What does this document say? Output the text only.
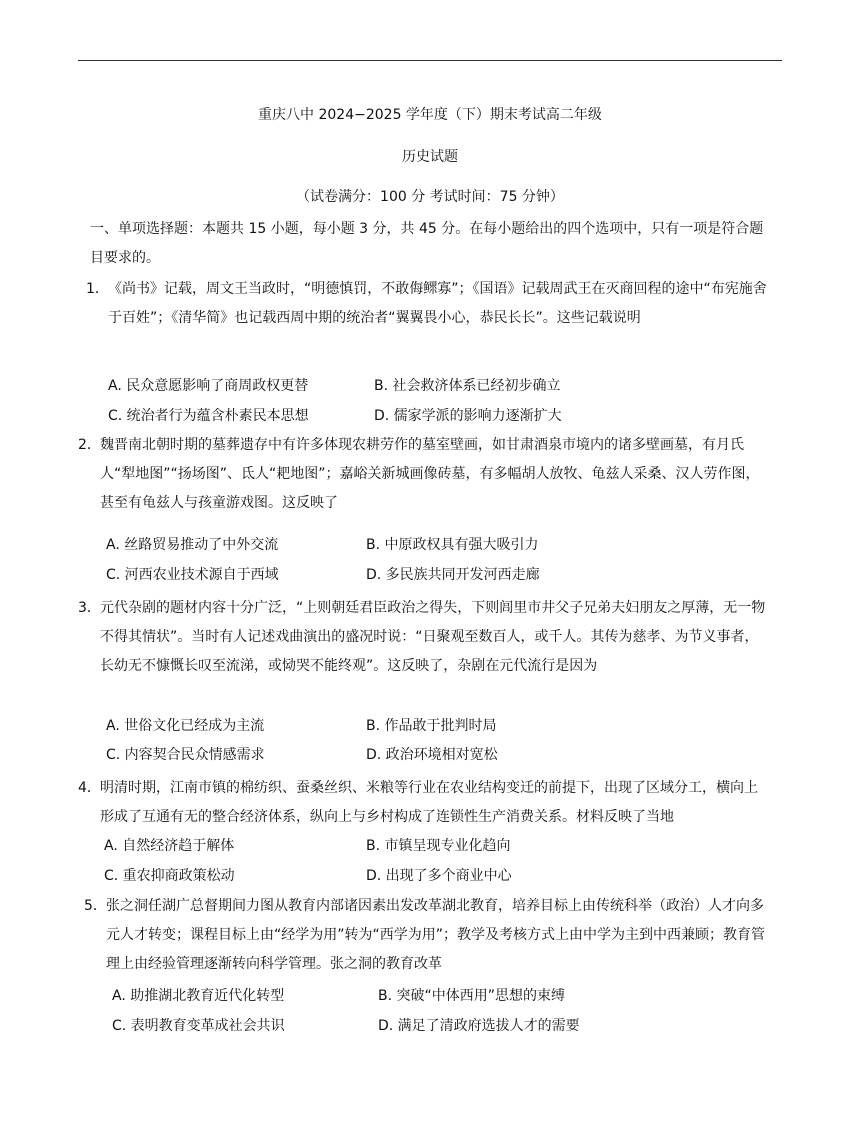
重庆八中 2024−2025 学年度（下）期末考试高二年级
历史试题
（试卷满分：100 分 考试时间：75 分钟）

一、单项选择题：本题共 15 小题，每小题 3 分，共 45 分。在每小题给出的四个选项中，只有一项是符合题目要求的。

1． 《尚书》记载，周文王当政时，“明德慎罚，不敢侮鳏寡”；《国语》记载周武王在灭商回程的途中“布宪施舍于百姓”；《清华简》也记载西周中期的统治者“翼翼畏小心，恭民长长”。这些记载说明
A. 民众意愿影响了商周政权更替	B. 社会救济体系已经初步确立
C. 统治者行为蕴含朴素民本思想	D. 儒家学派的影响力逐渐扩大
2． 魏晋南北朝时期的墓葬遗存中有许多体现农耕劳作的墓室壁画，如甘肃酒泉市境内的诸多壁画墓，有月氏人“犁地图”“扬场图”、氐人“耙地图”；嘉峪关新城画像砖墓，有多幅胡人放牧、龟兹人采桑、汉人劳作图，甚至有龟兹人与孩童游戏图。这反映了
A. 丝路贸易推动了中外交流	B. 中原政权具有强大吸引力
C. 河西农业技术源自于西域	D. 多民族共同开发河西走廊
3． 元代杂剧的题材内容十分广泛，“上则朝廷君臣政治之得失，下则闾里市井父子兄弟夫妇朋友之厚薄，无一物不得其情状”。当时有人记述戏曲演出的盛况时说：“日聚观至数百人，或千人。其传为慈孝、为节义事者，长幼无不慷慨长叹至流涕，或恸哭不能终观”。这反映了，杂剧在元代流行是因为
A. 世俗文化已经成为主流	B. 作品敢于批判时局
C. 内容契合民众情感需求	D. 政治环境相对宽松
4． 明清时期，江南市镇的棉纺织、蚕桑丝织、米粮等行业在农业结构变迁的前提下，出现了区域分工，横向上形成了互通有无的整合经济体系，纵向上与乡村构成了连锁性生产消费关系。材料反映了当地
A. 自然经济趋于解体	B. 市镇呈现专业化趋向
C. 重农抑商政策松动	D. 出现了多个商业中心
5． 张之洞任湖广总督期间力图从教育内部诸因素出发改革湖北教育，培养目标上由传统科举（政治）人才向多元人才转变；课程目标上由“经学为用”转为“西学为用”；教学及考核方式上由中学为主到中西兼顾；教育管理上由经验管理逐渐转向科学管理。张之洞的教育改革
A. 助推湖北教育近代化转型	B. 突破“中体西用”思想的束缚
C. 表明教育变革成社会共识	D. 满足了清政府选拔人才的需要
